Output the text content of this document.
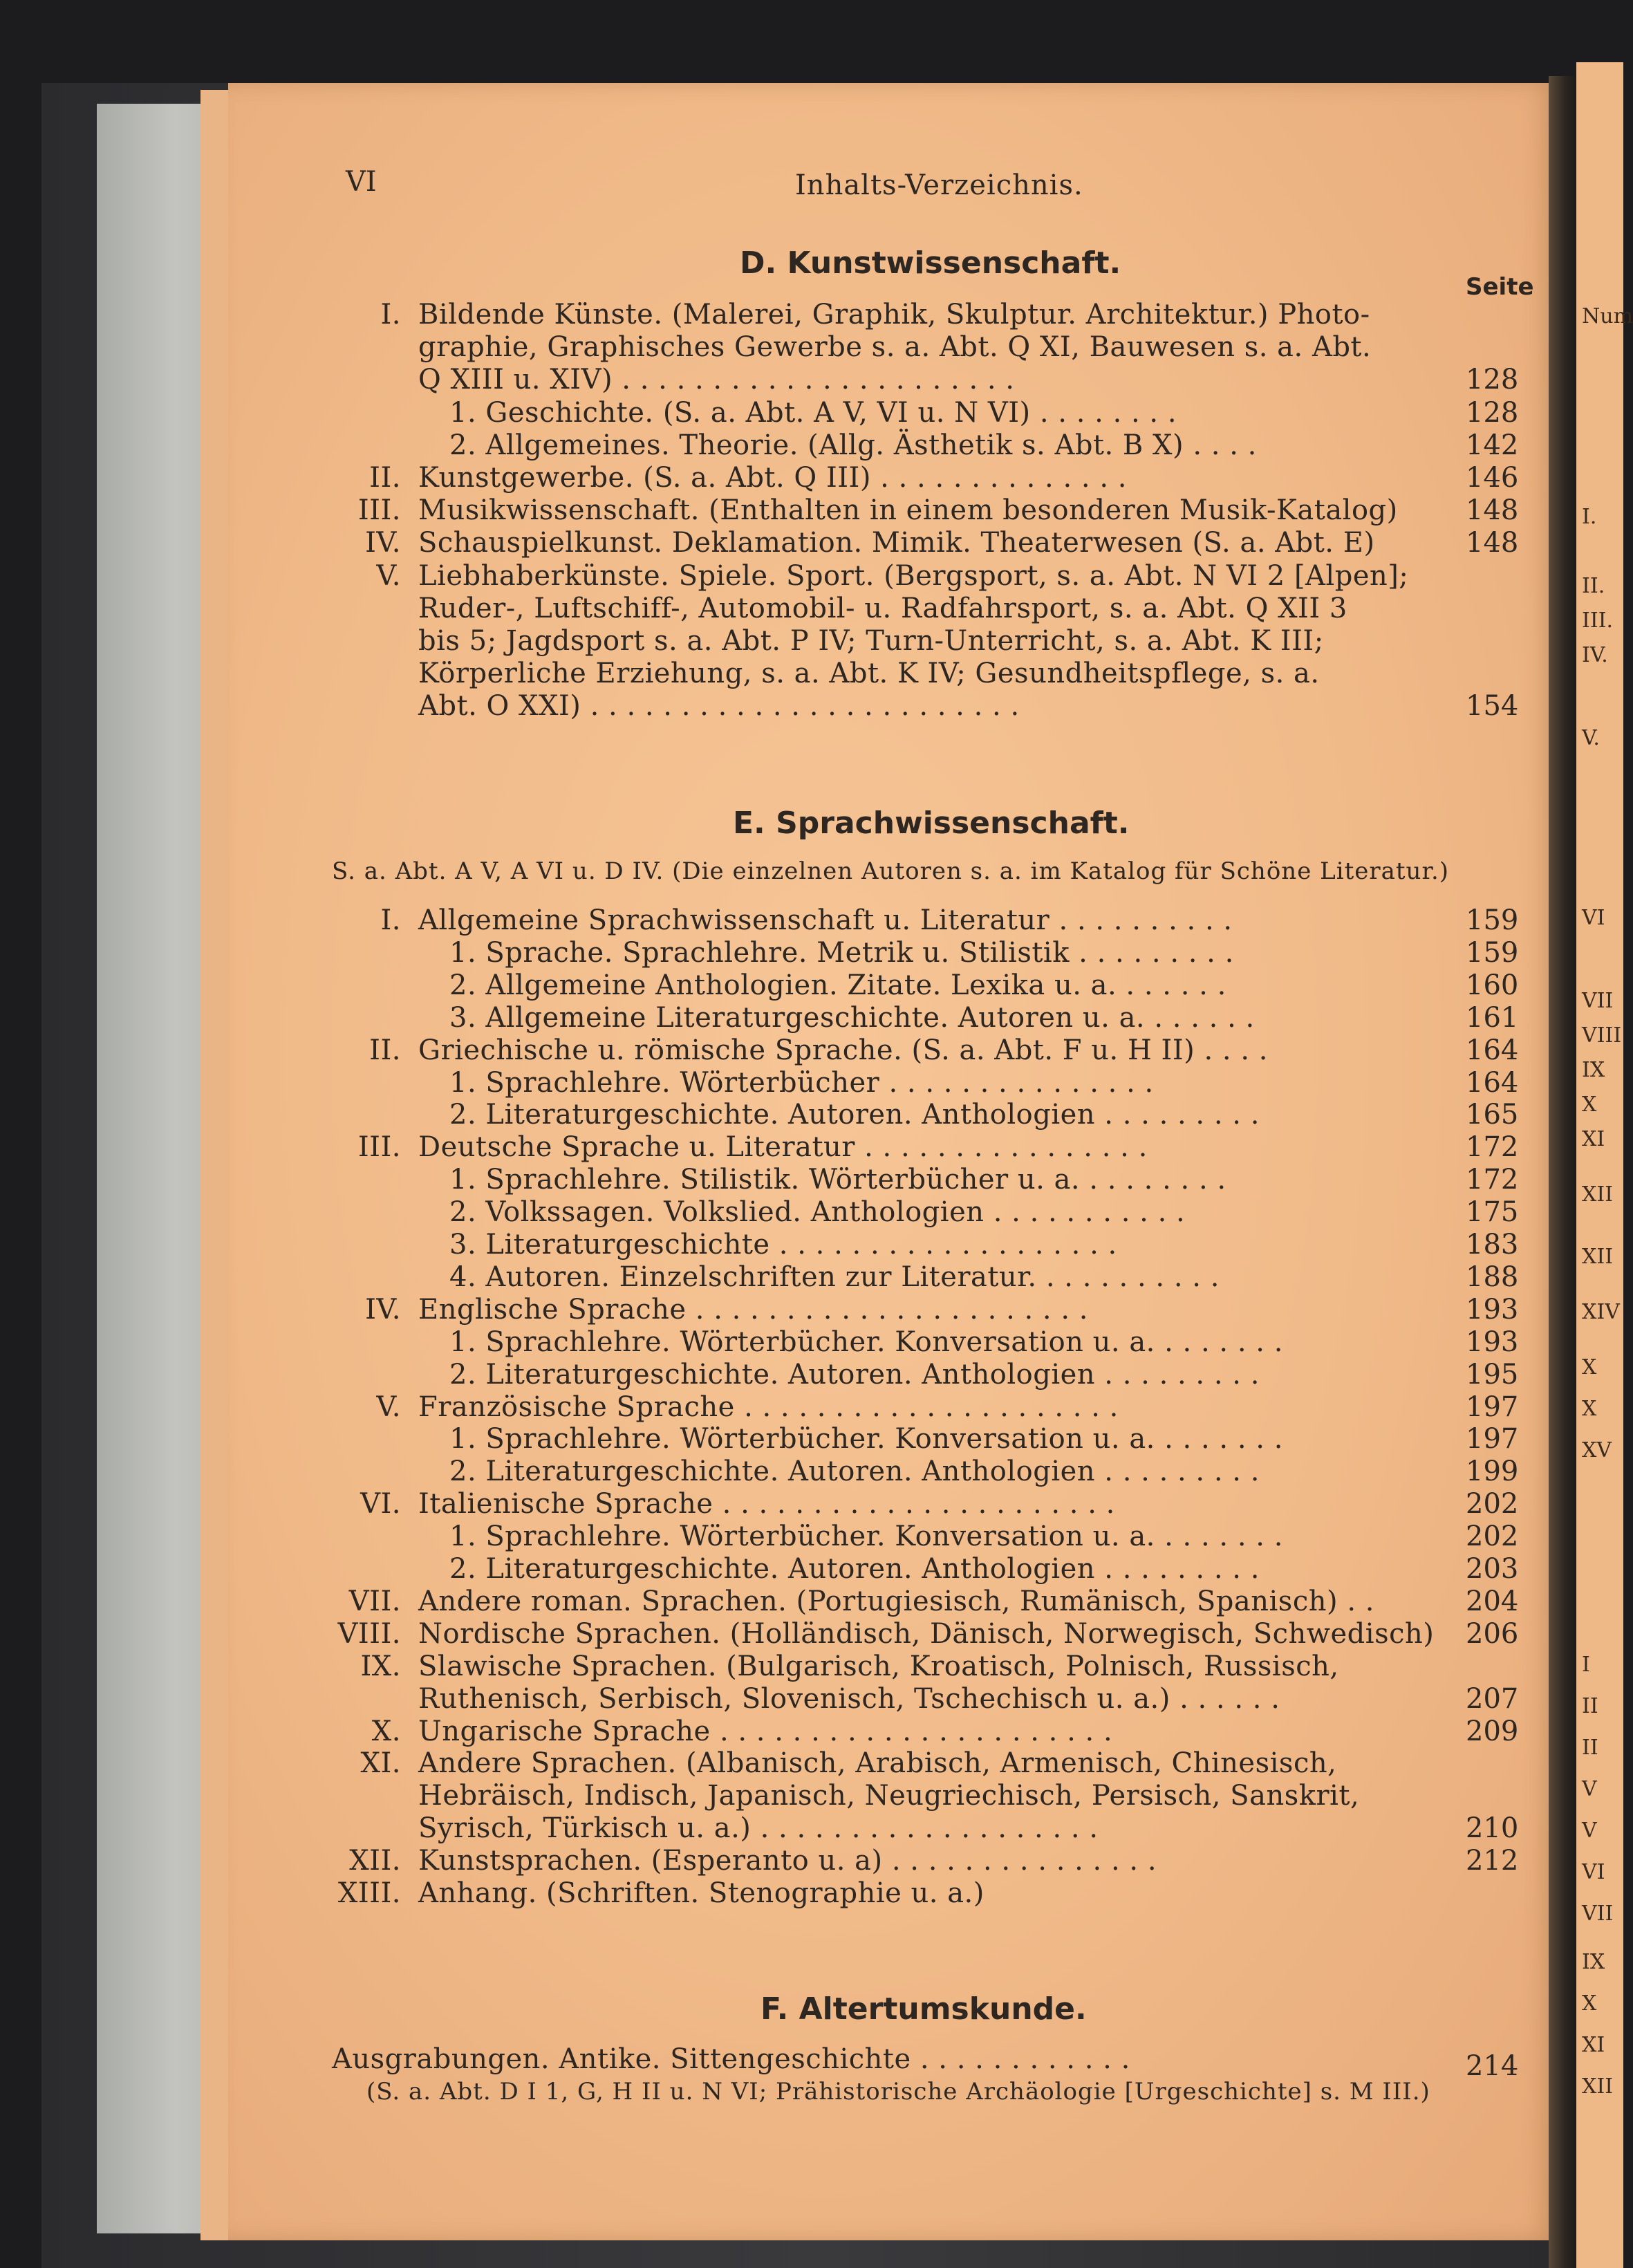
Num
I.
II.
III.
IV.
V.
VI
VII
VIII
IX
X
XI
XII
XII
XIV
X
X
XV
I
II
II
V
V
VI
VII
IX
X
XI
XII
VI	Inhalts-Verzeichnis.
D. Kunstwissenschaft.
Seite
I. Bildende Künste. (Malerei, Graphik, Skulptur. Architektur.) Photo-
graphie, Graphisches Gewerbe s. a. Abt. Q XI, Bauwesen s. a. Abt.
Q XIII u. XIV) . . . . . . . . . . . . . . . . . . . . . .	128
1. Geschichte. (S. a. Abt. A V, VI u. N VI) . . . . . . . .	128
2. Allgemeines. Theorie. (Allg. Ästhetik s. Abt. B X) . . . .	142
II. Kunstgewerbe. (S. a. Abt. Q III) . . . . . . . . . . . . . .	146
III. Musikwissenschaft. (Enthalten in einem besonderen Musik-Katalog) 148
IV. Schauspielkunst. Deklamation. Mimik. Theaterwesen (S. a. Abt. E)	148
V. Liebhaberkünste. Spiele. Sport. (Bergsport, s. a. Abt. N VI 2 [Alpen];
Ruder-, Luftschiff-, Automobil- u. Radfahrsport, s. a. Abt. Q XII 3
bis 5; Jagdsport s. a. Abt. P IV; Turn-Unterricht, s. a. Abt. K III;
Körperliche Erziehung, s. a. Abt. K IV; Gesundheitspflege, s. a.
Abt. O XXI) . . . . . . . . . . . . . . . . . . . . . . . .	154
E. Sprachwissenschaft.
S. a. Abt. A V, A VI u. D IV. (Die einzelnen Autoren s. a. im Katalog für Schöne Literatur.)
I. Allgemeine Sprachwissenschaft u. Literatur . . . . . . . . . .	159
1. Sprache. Sprachlehre. Metrik u. Stilistik . . . . . . . . .	159
2. Allgemeine Anthologien. Zitate. Lexika u. a. . . . . . .	160
3. Allgemeine Literaturgeschichte. Autoren u. a. . . . . . .	161
II. Griechische u. römische Sprache. (S. a. Abt. F u. H II) . . . .	164
1. Sprachlehre. Wörterbücher . . . . . . . . . . . . . . .	164
2. Literaturgeschichte. Autoren. Anthologien . . . . . . . . .	165
III. Deutsche Sprache u. Literatur . . . . . . . . . . . . . . . .	172
1. Sprachlehre. Stilistik. Wörterbücher u. a. . . . . . . . .	172
2. Volkssagen. Volkslied. Anthologien . . . . . . . . . . .	175
3. Literaturgeschichte . . . . . . . . . . . . . . . . . . .	183
4. Autoren. Einzelschriften zur Literatur. . . . . . . . . . .	188
IV. Englische Sprache . . . . . . . . . . . . . . . . . . . . . .	193
1. Sprachlehre. Wörterbücher. Konversation u. a. . . . . . . .	193
2. Literaturgeschichte. Autoren. Anthologien . . . . . . . . .	195
V. Französische Sprache . . . . . . . . . . . . . . . . . . . . .	197
1. Sprachlehre. Wörterbücher. Konversation u. a. . . . . . . .	197
2. Literaturgeschichte. Autoren. Anthologien . . . . . . . . .	199
VI. Italienische Sprache . . . . . . . . . . . . . . . . . . . . . .	202
1. Sprachlehre. Wörterbücher. Konversation u. a. . . . . . . .	202
2. Literaturgeschichte. Autoren. Anthologien . . . . . . . . .	203
VII. Andere roman. Sprachen. (Portugiesisch, Rumänisch, Spanisch) . .	204
VIII. Nordische Sprachen. (Holländisch, Dänisch, Norwegisch, Schwedisch) 206
IX. Slawische Sprachen. (Bulgarisch, Kroatisch, Polnisch, Russisch,
Ruthenisch, Serbisch, Slovenisch, Tschechisch u. a.) . . . . . .	207
X. Ungarische Sprache . . . . . . . . . . . . . . . . . . . . . .	209
XI. Andere Sprachen. (Albanisch, Arabisch, Armenisch, Chinesisch,
Hebräisch, Indisch, Japanisch, Neugriechisch, Persisch, Sanskrit,
Syrisch, Türkisch u. a.) . . . . . . . . . . . . . . . . . . .	210
XII. Kunstsprachen. (Esperanto u. a) . . . . . . . . . . . . . . .	212
XIII. Anhang. (Schriften. Stenographie u. a.)
F. Altertumskunde.
Ausgrabungen. Antike. Sittengeschichte . . . . . . . . . . . .	214
(S. a. Abt. D I 1, G, H II u. N VI; Prähistorische Archäologie [Urgeschichte] s. M III.)
